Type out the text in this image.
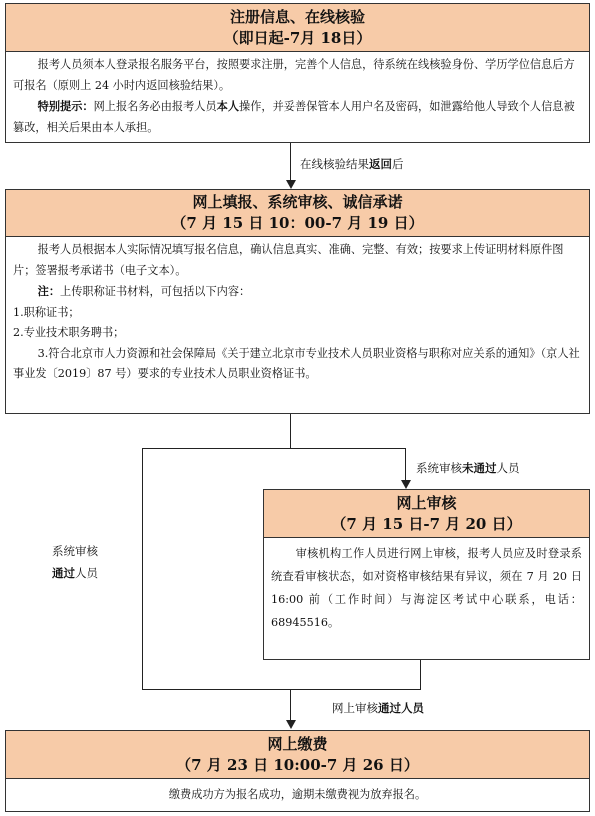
注册信息、在线核验
（即日起-7月 18日）

报考人员须本人登录报名服务平台，按照要求注册，完善个人信息，待系统在线核验身份、学历学位信息后方可报名（原则上 24 小时内返回核验结果）。

特别提示：网上报名务必由报考人员本人操作，并妥善保管本人用户名及密码，如泄露给他人导致个人信息被篡改，相关后果由本人承担。

在线核验结果返回后
网上填报、系统审核、诚信承诺
（7 月 15 日 10：00-7 月 19 日）

报考人员根据本人实际情况填写报名信息，确认信息真实、准确、完整、有效；按要求上传证明材料原件图片；签署报考承诺书（电子文本）。

注：上传职称证书材料，可包括以下内容：

1.职称证书；

2.专业技术职务聘书；

3.符合北京市人力资源和社会保障局《关于建立北京市专业技术人员职业资格与职称对应关系的通知》（京人社事业发〔2019〕87 号）要求的专业技术人员职业资格证书。

系统审核未通过人员
系统审核
通过人员
网上审核
（7 月 15 日-7 月 20 日）

审核机构工作人员进行网上审核，报考人员应及时登录系统查看审核状态，如对资格审核结果有异议，须在 7 月 20 日 16:00 前（工作时间）与海淀区考试中心联系，电话：68945516。

网上审核通过人员
网上缴费
（7 月 23 日 10:00-7 月 26 日）

缴费成功方为报名成功，逾期未缴费视为放弃报名。
